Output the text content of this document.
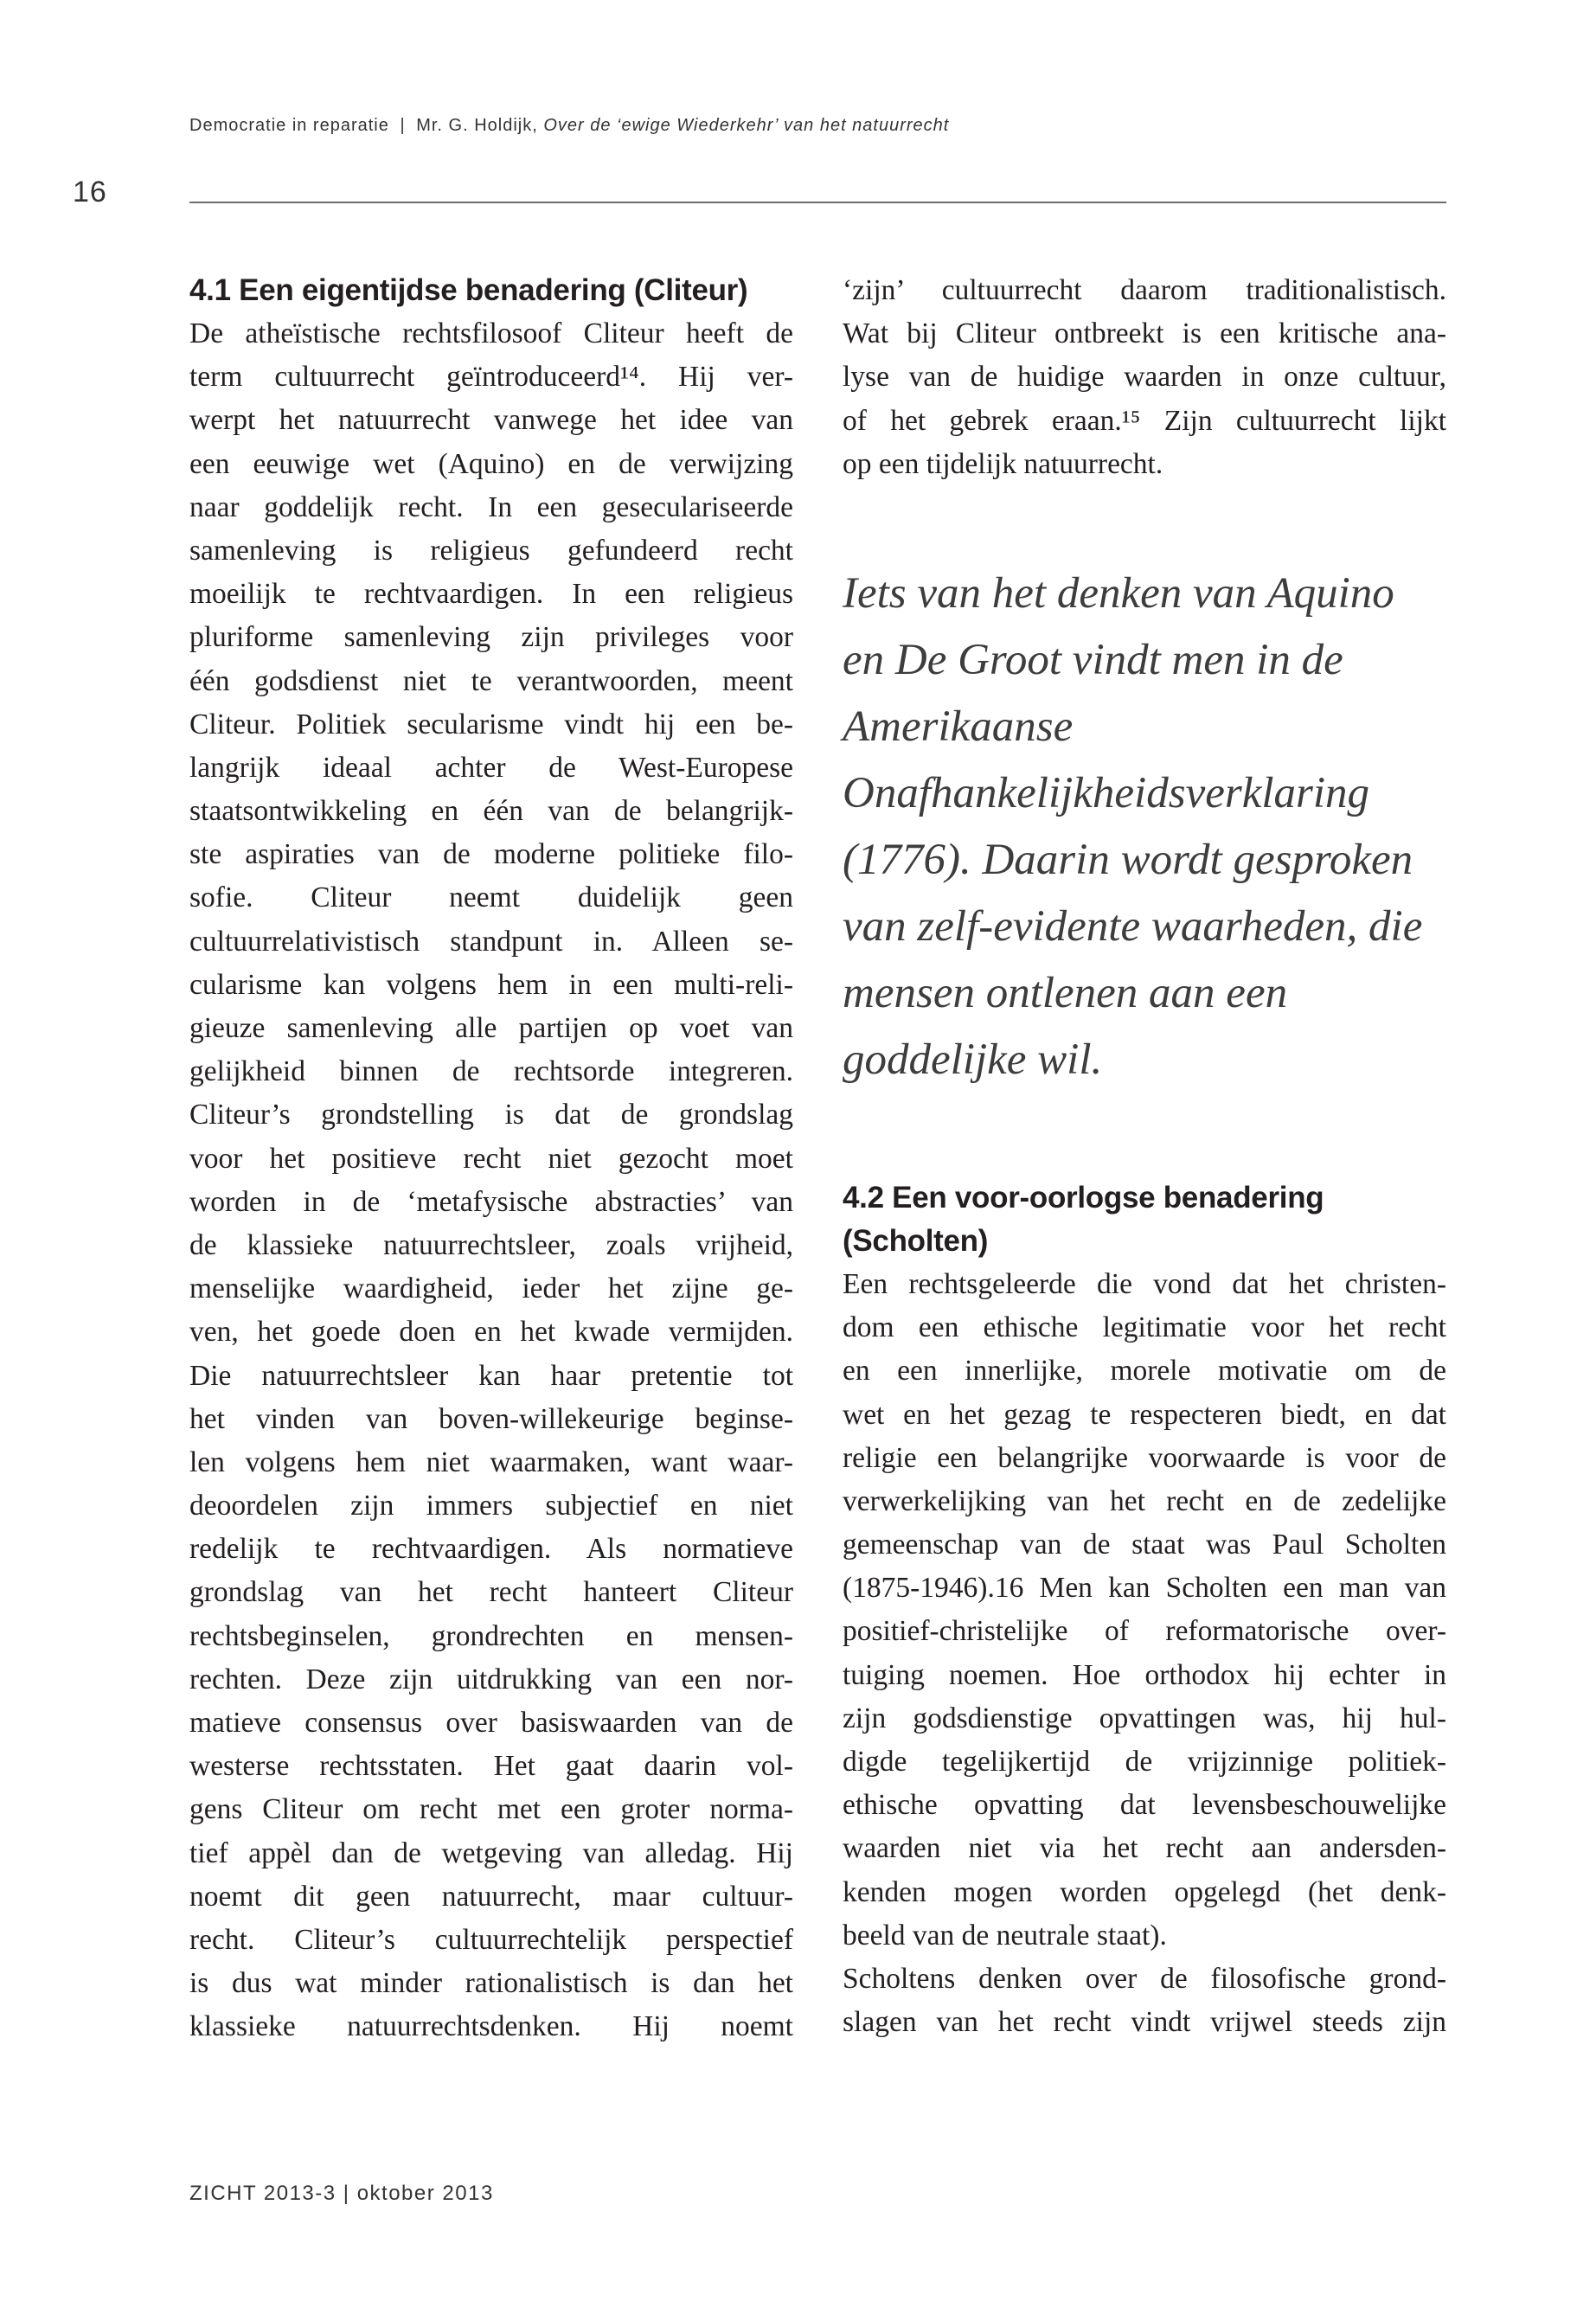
Democratie in reparatie | Mr. G. Holdijk, Over de ‘ewige Wiederkehr’ van het natuurrecht
16
4.1 Een eigentijdse benadering (Cliteur)
De atheïstische rechtsfilosoof Cliteur heeft de
term cultuurrecht geïntroduceerd¹⁴. Hij ver-
werpt het natuurrecht vanwege het idee van
een eeuwige wet (Aquino) en de verwijzing
naar goddelijk recht. In een geseculariseerde
samenleving is religieus gefundeerd recht
moeilijk te rechtvaardigen. In een religieus
pluriforme samenleving zijn privileges voor
één godsdienst niet te verantwoorden, meent
Cliteur. Politiek secularisme vindt hij een be-
langrijk ideaal achter de West-Europese
staatsontwikkeling en één van de belangrijk-
ste aspiraties van de moderne politieke filo-
sofie. Cliteur neemt duidelijk geen
cultuurrelativistisch standpunt in. Alleen se-
cularisme kan volgens hem in een multi-reli-
gieuze samenleving alle partijen op voet van
gelijkheid binnen de rechtsorde integreren.
Cliteur’s grondstelling is dat de grondslag
voor het positieve recht niet gezocht moet
worden in de ‘metafysische abstracties’ van
de klassieke natuurrechtsleer, zoals vrijheid,
menselijke waardigheid, ieder het zijne ge-
ven, het goede doen en het kwade vermijden.
Die natuurrechtsleer kan haar pretentie tot
het vinden van boven-willekeurige beginse-
len volgens hem niet waarmaken, want waar-
deoordelen zijn immers subjectief en niet
redelijk te rechtvaardigen. Als normatieve
grondslag van het recht hanteert Cliteur
rechtsbeginselen, grondrechten en mensen-
rechten. Deze zijn uitdrukking van een nor-
matieve consensus over basiswaarden van de
westerse rechtsstaten. Het gaat daarin vol-
gens Cliteur om recht met een groter norma-
tief appèl dan de wetgeving van alledag. Hij
noemt dit geen natuurrecht, maar cultuur-
recht. Cliteur’s cultuurrechtelijk perspectief
is dus wat minder rationalistisch is dan het
klassieke natuurrechtsdenken. Hij noemt
‘zijn’ cultuurrecht daarom traditionalistisch.
Wat bij Cliteur ontbreekt is een kritische ana-
lyse van de huidige waarden in onze cultuur,
of het gebrek eraan.¹⁵ Zijn cultuurrecht lijkt
op een tijdelijk natuurrecht.
Iets van het denken van Aquino
en De Groot vindt men in de
Amerikaanse
Onafhankelijkheidsverklaring
(1776). Daarin wordt gesproken
van zelf-evidente waarheden, die
mensen ontlenen aan een
goddelijke wil.
4.2 Een voor-oorlogse benadering
(Scholten)
Een rechtsgeleerde die vond dat het christen-
dom een ethische legitimatie voor het recht
en een innerlijke, morele motivatie om de
wet en het gezag te respecteren biedt, en dat
religie een belangrijke voorwaarde is voor de
verwerkelijking van het recht en de zedelijke
gemeenschap van de staat was Paul Scholten
(1875-1946).16 Men kan Scholten een man van
positief-christelijke of reformatorische over-
tuiging noemen. Hoe orthodox hij echter in
zijn godsdienstige opvattingen was, hij hul-
digde tegelijkertijd de vrijzinnige politiek-
ethische opvatting dat levensbeschouwelijke
waarden niet via het recht aan andersden-
kenden mogen worden opgelegd (het denk-
beeld van de neutrale staat).
Scholtens denken over de filosofische grond-
slagen van het recht vindt vrijwel steeds zijn
ZICHT 2013-3 | oktober 2013
